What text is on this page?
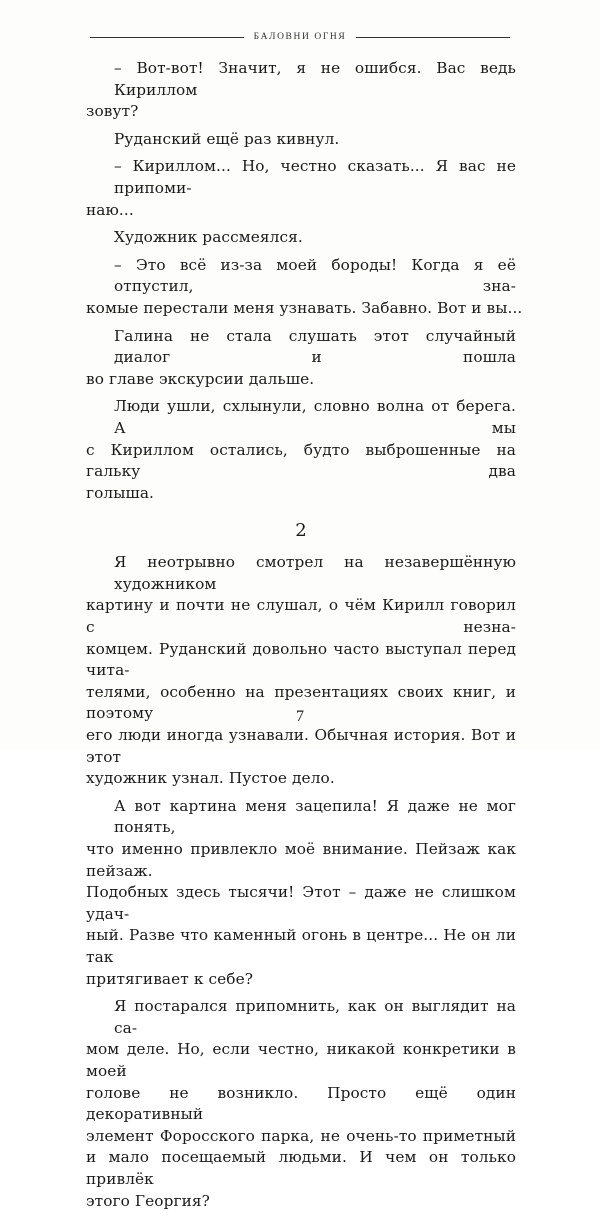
БАЛОВНИ ОГНЯ

– Вот-вот! Значит, я не ошибся. Вас ведь Кириллом
зовут?

Руданский ещё раз кивнул.

– Кириллом... Но, честно сказать... Я вас не припоми-
наю...

Художник рассмеялся.

– Это всё из-за моей бороды! Когда я её отпустил, зна-
комые перестали меня узнавать. Забавно. Вот и вы...

Галина не стала слушать этот случайный диалог и пошла
во главе экскурсии дальше.

Люди ушли, схлынули, словно волна от берега. А мы
с Кириллом остались, будто выброшенные на гальку два
голыша.

2

Я неотрывно смотрел на незавершённую художником
картину и почти не слушал, о чём Кирилл говорил с незна-
комцем. Руданский довольно часто выступал перед чита-
телями, особенно на презентациях своих книг, и поэтому
его люди иногда узнавали. Обычная история. Вот и этот
художник узнал. Пустое дело.

А вот картина меня зацепила! Я даже не мог понять,
что именно привлекло моё внимание. Пейзаж как пейзаж.
Подобных здесь тысячи! Этот – даже не слишком удач-
ный. Разве что каменный огонь в центре... Не он ли так
притягивает к себе?

Я постарался припомнить, как он выглядит на са-
мом деле. Но, если честно, никакой конкретики в моей
голове не возникло. Просто ещё один декоративный
элемент Форосского парка, не очень-то приметный
и мало посещаемый людьми. И чем он только привлёк
этого Георгия?

7
